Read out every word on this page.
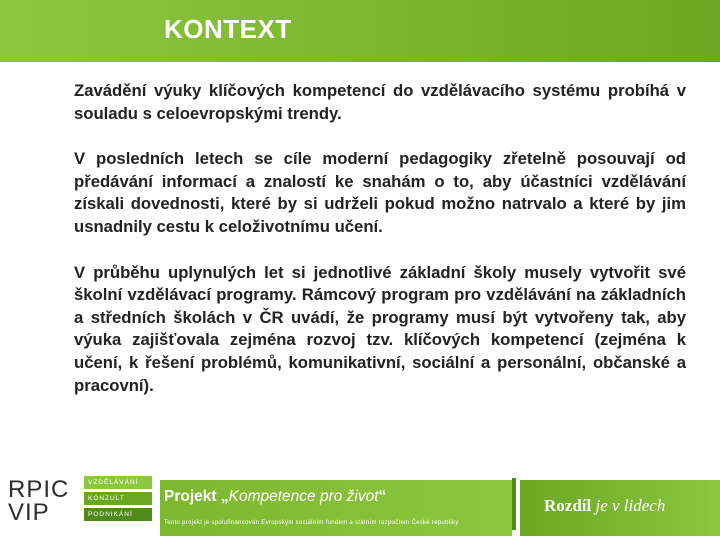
KONTEXT

Zavádění výuky klíčových kompetencí do vzdělávacího systému probíhá v souladu s celoevropskými trendy.

V posledních letech se cíle moderní pedagogiky zřetelně posouvají od předávání informací a znalostí ke snahám o to, aby účastníci vzdělávání získali dovednosti, které by si udrželi pokud možno natrvalo a které by jim usnadnily cestu k celoživotnímu učení.

V průběhu uplynulých let si jednotlivé základní školy musely vytvořit své školní vzdělávací programy. Rámcový program pro vzdělávání na základních a středních školách v ČR uvádí, že programy musí být vytvořeny tak, aby výuka zajišťovala zejména rozvoj tzv. klíčových kompetencí (zejména k učení, k řešení problémů, komunikativní, sociální a personální, občanské a pracovní).

RPIC
VIP
VZDĚLÁVÁNÍ
KONZULT
PODNIKÁNÍ
Projekt „Kompetence pro život“
Tento projekt je spolufinancován Evropským sociálním fondem a státním rozpočtem České republiky
Rozdíl je v lidech
